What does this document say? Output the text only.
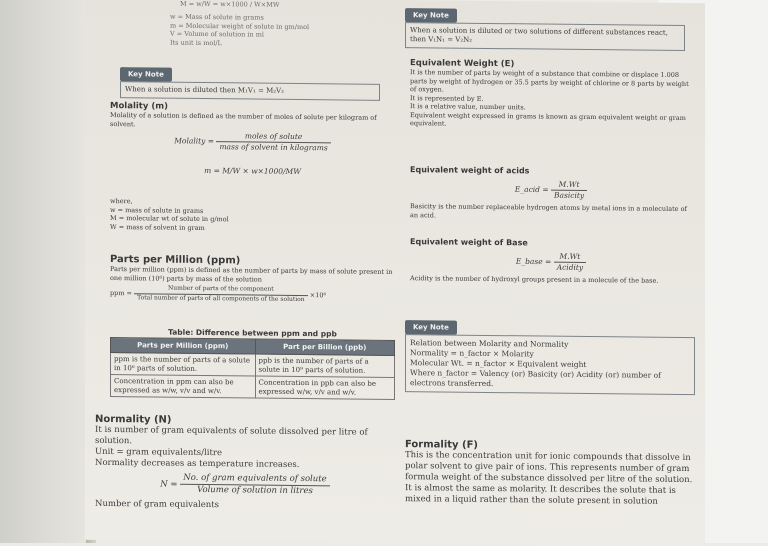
M = w/W = w×1000 / W×MW
w = Mass of solute in grams
m = Molecular weight of solute in gm/mol
V = Volume of solution in ml
Its unit is mol/L
Key Note
When a solution is diluted then M₁V₁ = M₂V₂
Molality (m)
Molality of a solution is defined as the number of moles of solute per kilogram of solvent.
Molality = $\frac{\text{moles of solute}}{\text{mass of solvent in kilograms}}$
m = M/W × w×1000/MW
where,
w = mass of solute in grams
M = molecular wt of solute in g/mol
W = mass of solvent in gram
Parts per Million (ppm)
Parts per million (ppm) is defined as the number of parts by mass of solute present in one million (10⁶) parts by mass of the solution
ppm = $\frac{\text{Number of parts of the component}}{\text{Total number of parts of all components of the solution}} \times 10^6$
Table: Difference between ppm and ppb
Parts per Million (ppm)	Part per Billion (ppb)
ppm is the number of parts of a solute in 10⁶ parts of solution.	ppb is the number of parts of a solute in 10⁹ parts of solution.
Concentration in ppm can also be expressed as w/w, v/v and w/v.	Concentration in ppb can also be expressed w/w, v/v and w/v.
Normality (N)
It is number of gram equivalents of solute dissolved per litre of solution.
Unit = gram equivalents/litre
Normality decreases as temperature increases.
$N = \frac{\text{No. of gram equivalents of solute}}{\text{Volume of solution in litres}}$
Number of gram equivalents
Key Note
When a solution is diluted or two solutions of different substances react, then V₁N₁ = V₂N₂
Equivalent Weight (E)
It is the number of parts by weight of a substance that combine or displace 1.008 parts by weight of hydrogen or 35.5 parts by weight of chlorine or 8 parts by weight of oxygen.
It is represented by E.
It is a relative value, number units.
Equivalent weight expressed in grams is known as gram equivalent weight or gram equivalent.
Equivalent weight of acids
E_acid = $\frac{M.Wt}{\text{Basicity}}$
Basicity is the number replaceable hydrogen atoms by metal ions in a moleculate of an acid.
Equivalent weight of Base
E_base = $\frac{M.Wt}{\text{Acidity}}$
Acidity is the number of hydroxyl groups present in a molecule of the base.
Key Note
Relation between Molarity and Normality
Normality = n_factor × Molarity
Molecular Wt. = n_factor × Equivalent weight
Where n_factor = Valency (or) Basicity (or) Acidity (or) number of electrons transferred.
Formality (F)
This is the concentration unit for ionic compounds that dissolve in polar solvent to give pair of ions. This represents number of gram formula weight of the substance dissolved per litre of the solution. It is almost the same as molarity. It describes the solute that is mixed in a liquid rather than the solute present in solution
